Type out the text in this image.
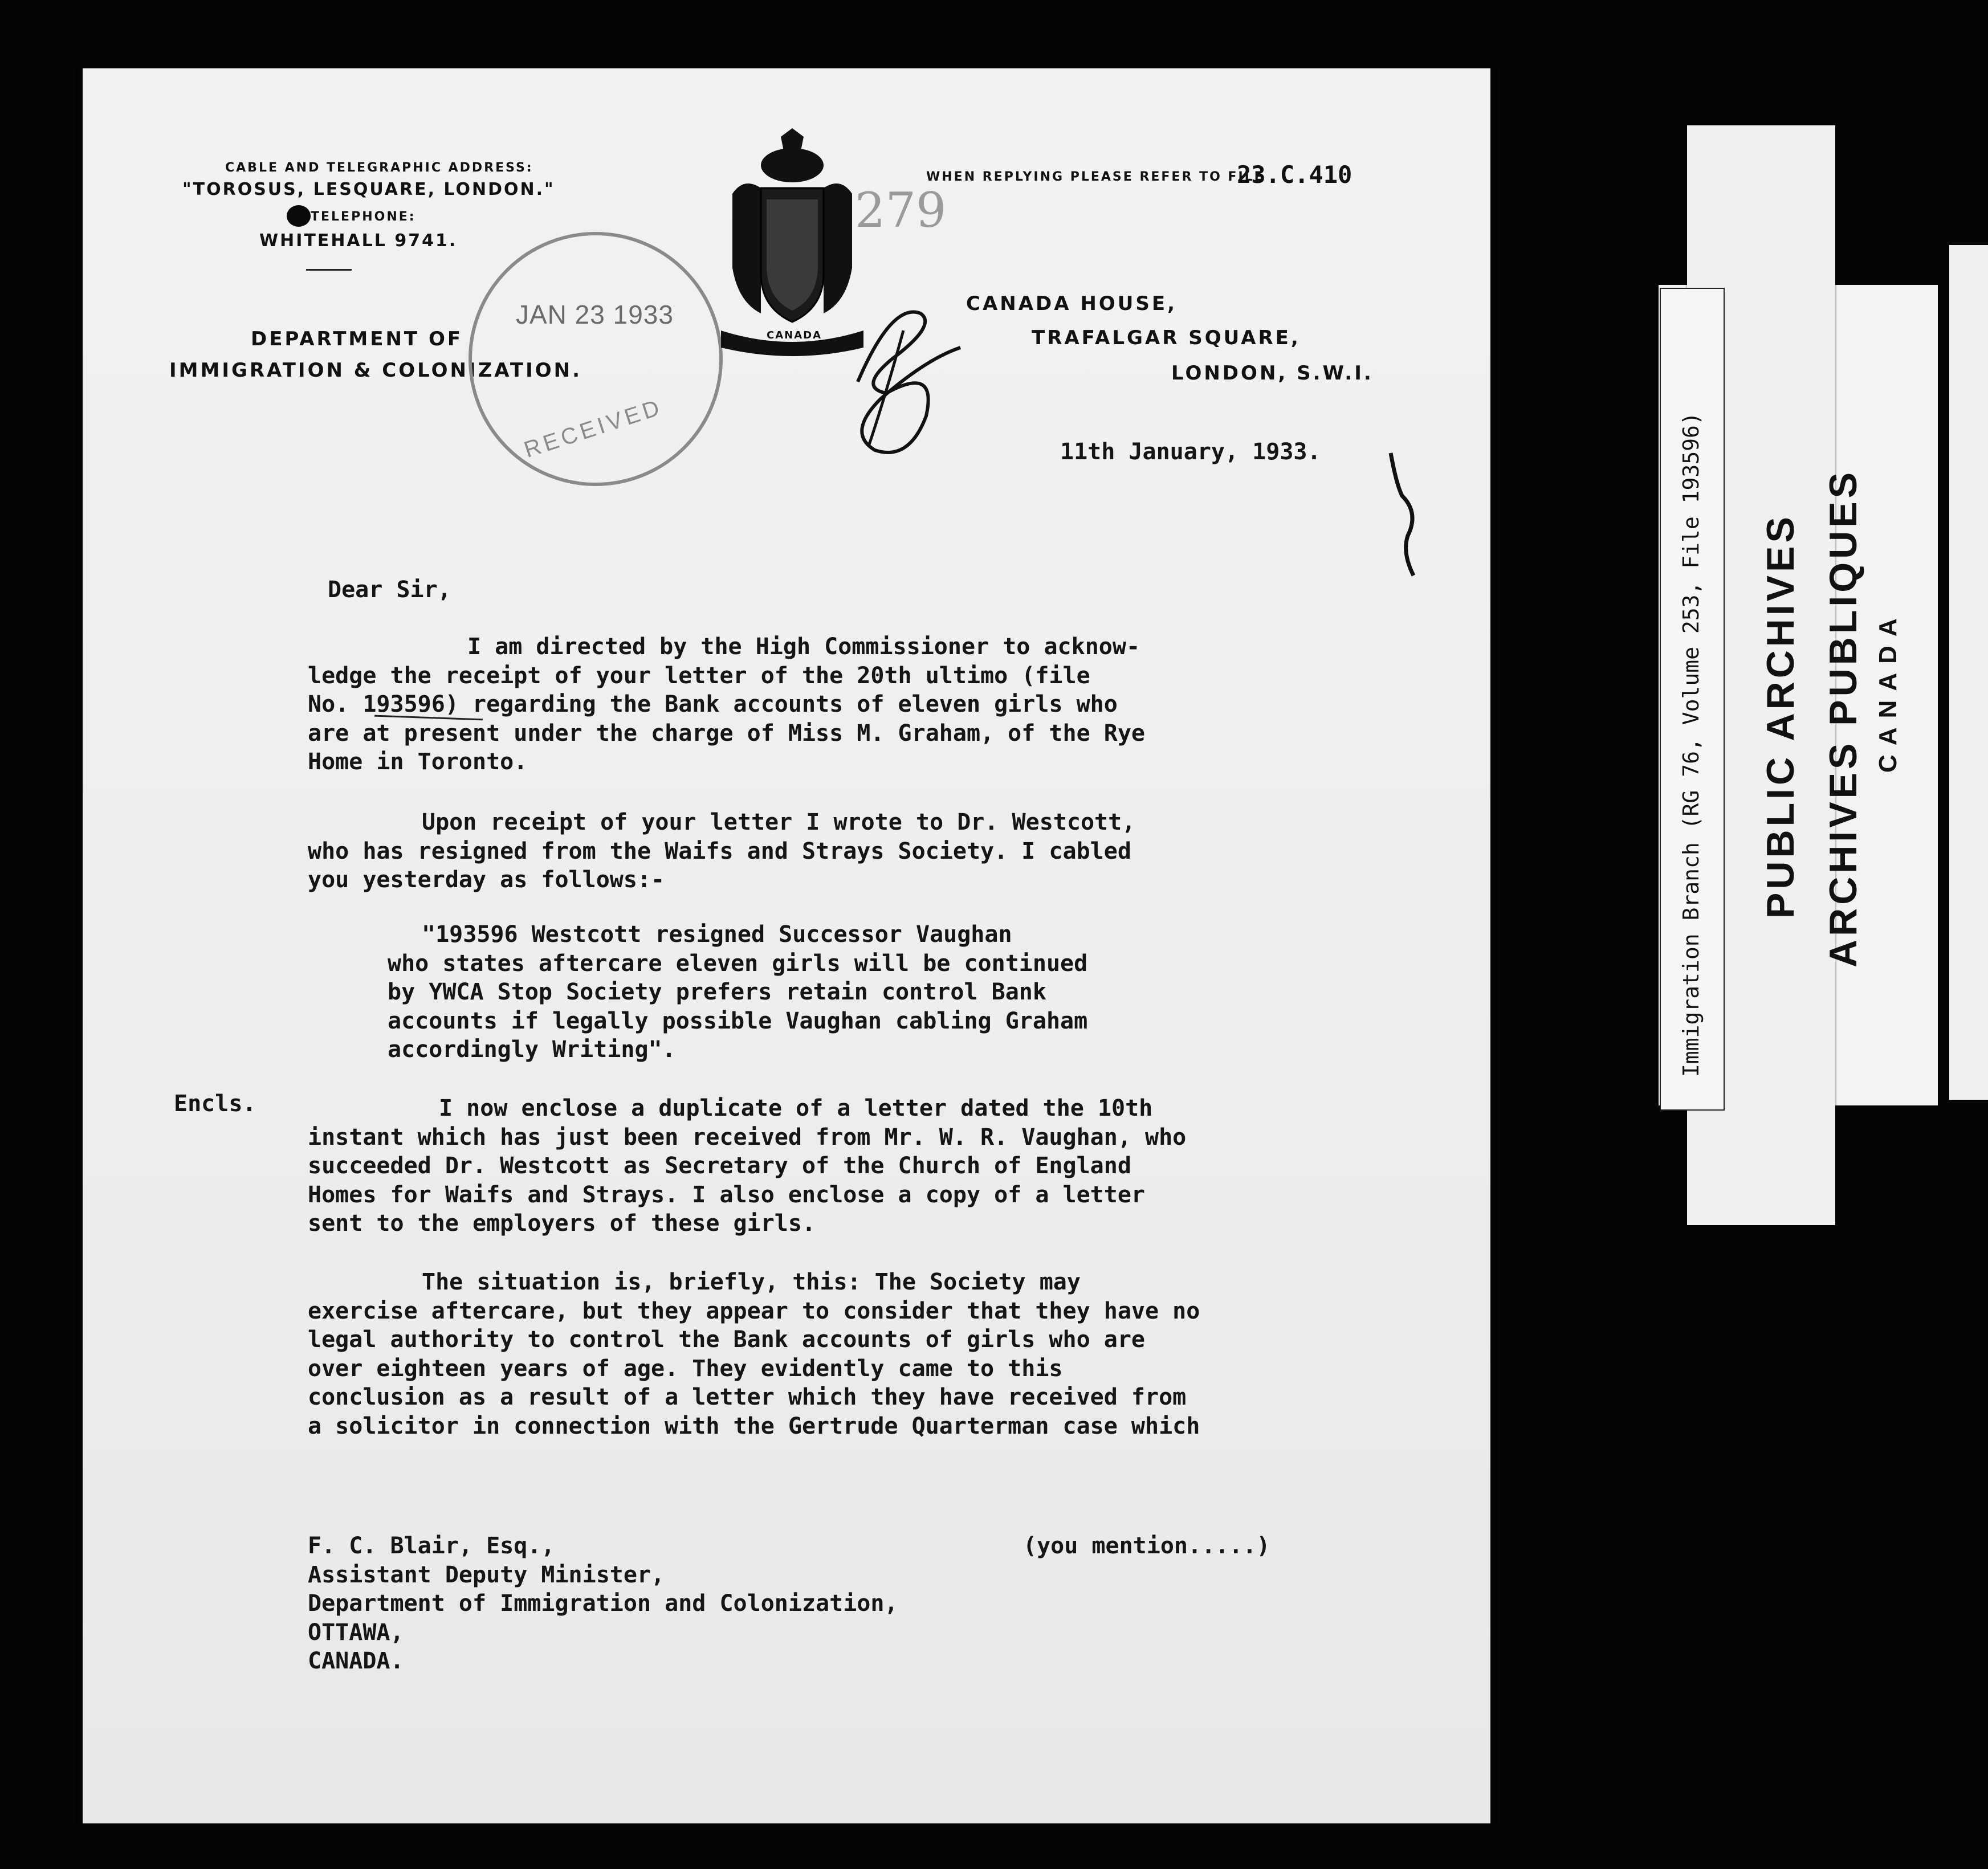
CABLE AND TELEGRAPHIC ADDRESS:
"TOROSUS, LESQUARE, LONDON."
TELEPHONE:
WHITEHALL 9741.
DEPARTMENT OF
IMMIGRATION & COLONIZATION.
JAN 23 1933
RECEIVED
CANADA
WHEN REPLYING PLEASE REFER TO FILE
23.C.410
279
CANADA HOUSE,
TRAFALGAR SQUARE,
LONDON, S.W.I.
11th January, 1933.
Dear Sir,
I am directed by the High Commissioner to acknow-
ledge the receipt of your letter of the 20th ultimo (file
No. 193596) regarding the Bank accounts of eleven girls who
are at present under the charge of Miss M. Graham, of the Rye
Home in Toronto.
Upon receipt of your letter I wrote to Dr. Westcott,
who has resigned from the Waifs and Strays Society. I cabled
you yesterday as follows:-
"193596 Westcott resigned Successor Vaughan
who states aftercare eleven girls will be continued
by YWCA Stop Society prefers retain control Bank
accounts if legally possible Vaughan cabling Graham
accordingly Writing".
Encls.	I now enclose a duplicate of a letter dated the 10th
instant which has just been received from Mr. W. R. Vaughan, who
succeeded Dr. Westcott as Secretary of the Church of England
Homes for Waifs and Strays. I also enclose a copy of a letter
sent to the employers of these girls.
The situation is, briefly, this: The Society may
exercise aftercare, but they appear to consider that they have no
legal authority to control the Bank accounts of girls who are
over eighteen years of age. They evidently came to this
conclusion as a result of a letter which they have received from
a solicitor in connection with the Gertrude Quarterman case which
(you mention.....)
F. C. Blair, Esq.,
Assistant Deputy Minister,
Department of Immigration and Colonization,
OTTAWA,
CANADA.
Immigration Branch (RG 76, Volume 253, File 193596) PUBLIC ARCHIVES ARCHIVES PUBLIQUES CANADA
